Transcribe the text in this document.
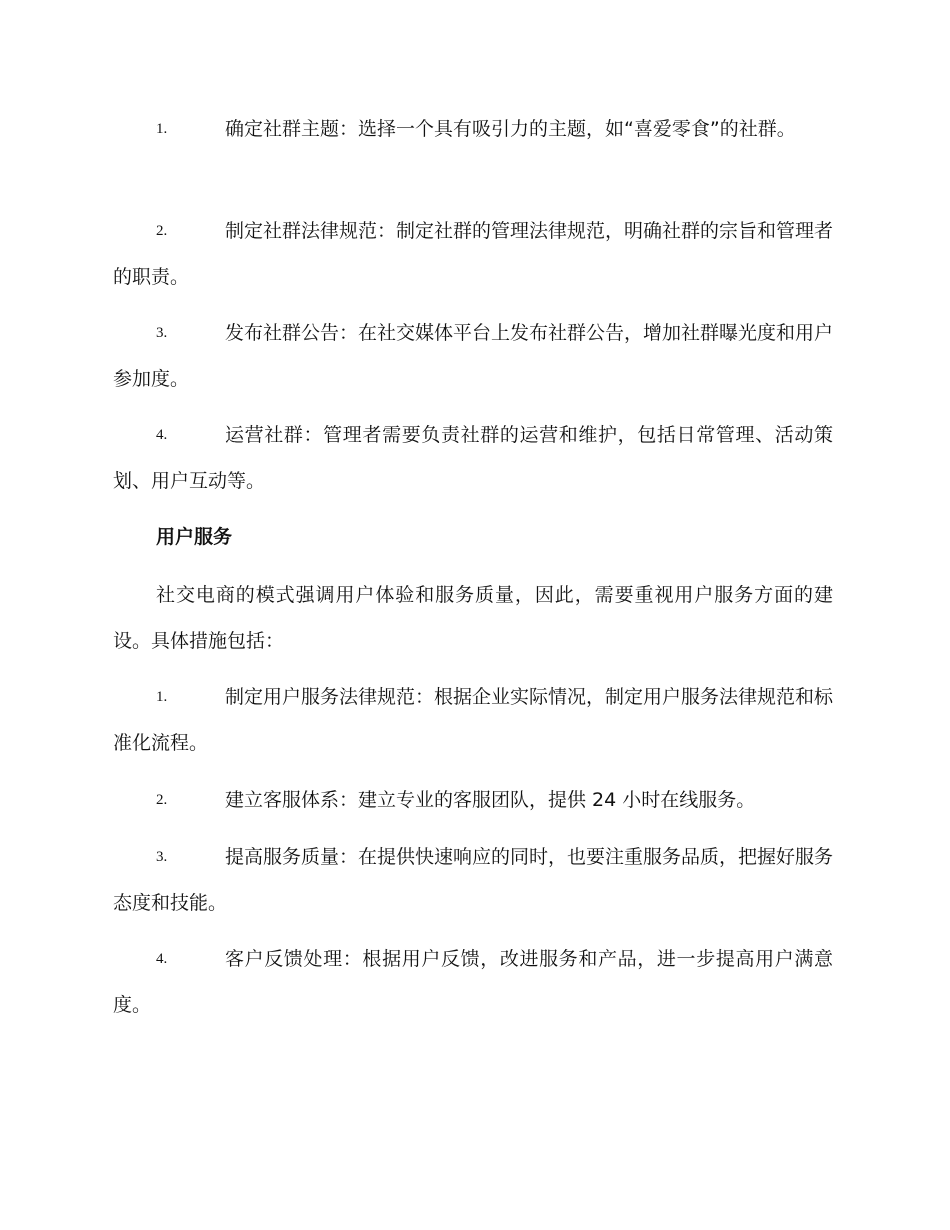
1.	确定社群主题：选择一个具有吸引力的主题，如“喜爱零食”的社群。
2.	制定社群法律规范：制定社群的管理法律规范，明确社群的宗旨和管理者的职责。
3.	发布社群公告：在社交媒体平台上发布社群公告，增加社群曝光度和用户参加度。
4.	运营社群：管理者需要负责社群的运营和维护，包括日常管理、活动策划、用户互动等。
用户服务
社交电商的模式强调用户体验和服务质量，因此，需要重视用户服务方面的建设。具体措施包括：
1.	制定用户服务法律规范：根据企业实际情况，制定用户服务法律规范和标准化流程。
2.	建立客服体系：建立专业的客服团队，提供 24 小时在线服务。
3.	提高服务质量：在提供快速响应的同时，也要注重服务品质，把握好服务态度和技能。
4.	客户反馈处理：根据用户反馈，改进服务和产品，进一步提高用户满意度。
